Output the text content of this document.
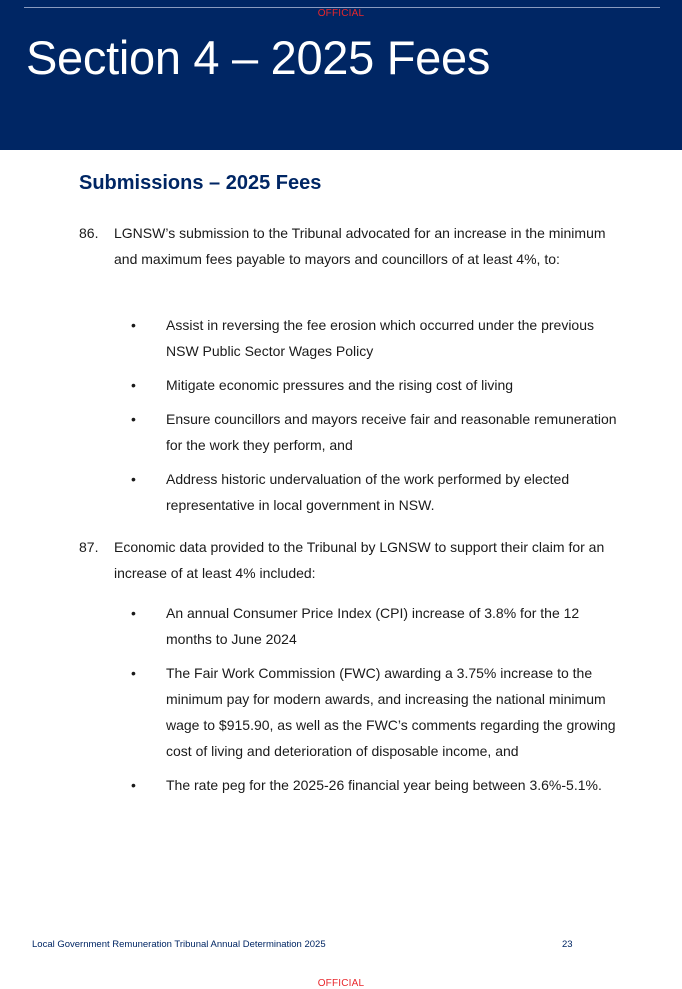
OFFICIAL
Section 4 – 2025 Fees
Submissions – 2025 Fees
86. LGNSW’s submission to the Tribunal advocated for an increase in the minimum and maximum fees payable to mayors and councillors of at least 4%, to:
• Assist in reversing the fee erosion which occurred under the previous NSW Public Sector Wages Policy
• Mitigate economic pressures and the rising cost of living
• Ensure councillors and mayors receive fair and reasonable remuneration for the work they perform, and
• Address historic undervaluation of the work performed by elected representative in local government in NSW.
87. Economic data provided to the Tribunal by LGNSW to support their claim for an increase of at least 4% included:
• An annual Consumer Price Index (CPI) increase of 3.8% for the 12 months to June 2024
• The Fair Work Commission (FWC) awarding a 3.75% increase to the minimum pay for modern awards, and increasing the national minimum wage to $915.90, as well as the FWC’s comments regarding the growing cost of living and deterioration of disposable income, and
• The rate peg for the 2025-26 financial year being between 3.6%-5.1%.
Local Government Remuneration Tribunal Annual Determination 2025	23
OFFICIAL
